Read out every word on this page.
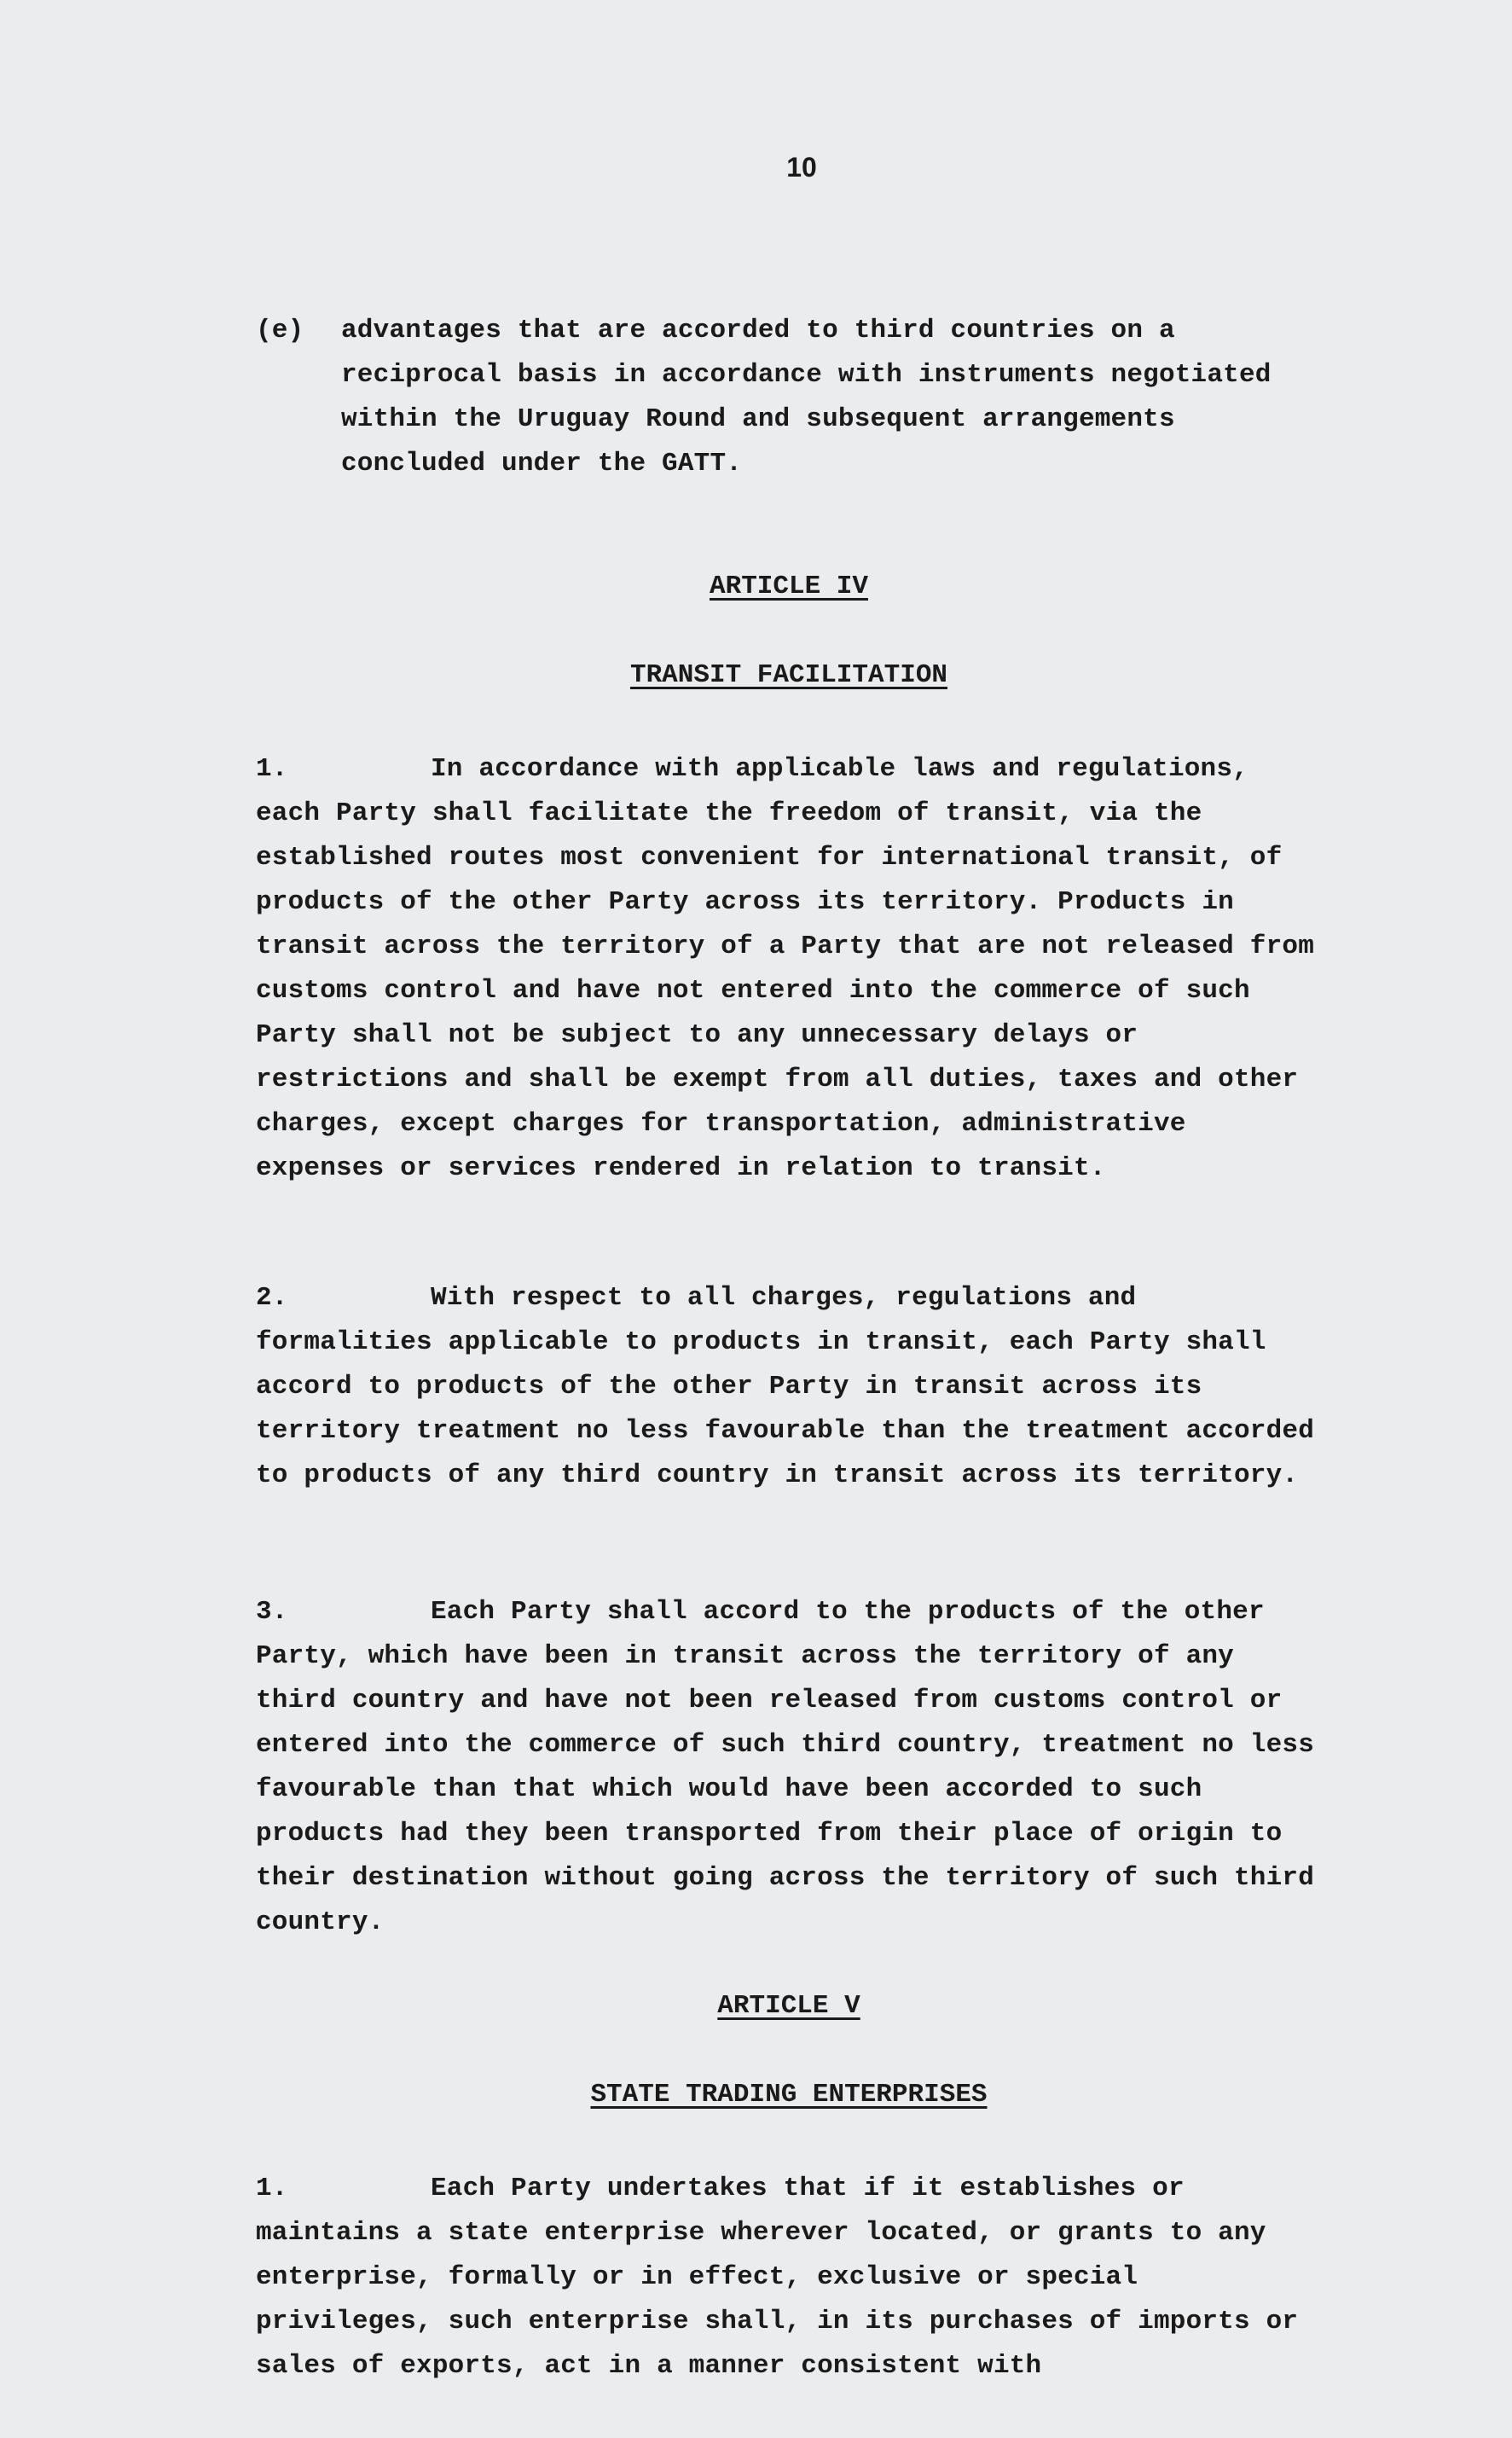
10
(e)	advantages that are accorded to third countries on a reciprocal basis in accordance with instruments negotiated within the Uruguay Round and subsequent arrangements concluded under the GATT.
ARTICLE IV
TRANSIT FACILITATION
1.	In accordance with applicable laws and regulations, each Party shall facilitate the freedom of transit, via the established routes most convenient for international transit, of products of the other Party across its territory. Products in transit across the territory of a Party that are not released from customs control and have not entered into the commerce of such Party shall not be subject to any unnecessary delays or restrictions and shall be exempt from all duties, taxes and other charges, except charges for transportation, administrative expenses or services rendered in relation to transit.
2.	With respect to all charges, regulations and formalities applicable to products in transit, each Party shall accord to products of the other Party in transit across its territory treatment no less favourable than the treatment accorded to products of any third country in transit across its territory.
3.	Each Party shall accord to the products of the other Party, which have been in transit across the territory of any third country and have not been released from customs control or entered into the commerce of such third country, treatment no less favourable than that which would have been accorded to such products had they been transported from their place of origin to their destination without going across the territory of such third country.
ARTICLE V
STATE TRADING ENTERPRISES
1.	Each Party undertakes that if it establishes or maintains a state enterprise wherever located, or grants to any enterprise, formally or in effect, exclusive or special privileges, such enterprise shall, in its purchases of imports or sales of exports, act in a manner consistent with
